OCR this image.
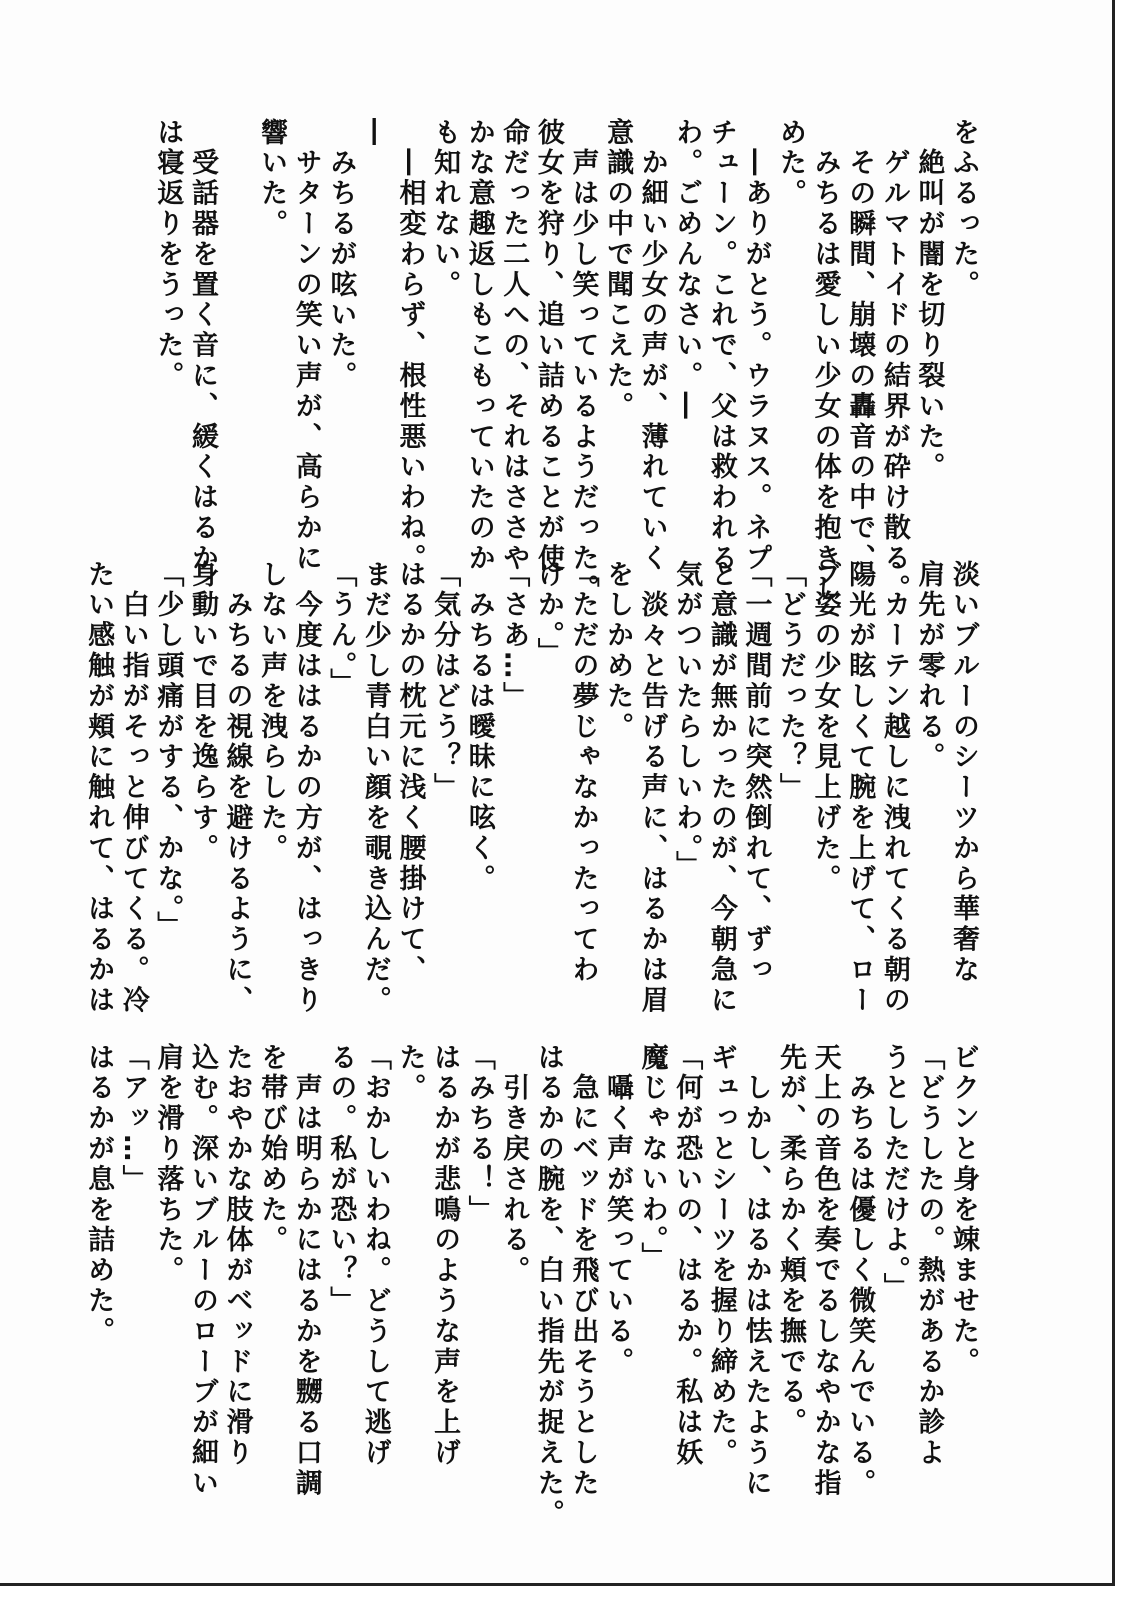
をふるった。
　絶叫が闇を切り裂いた。
　ゲルマトイドの結界が砕け散る。
　その瞬間、崩壊の轟音の中で、
　みちるは愛しい少女の体を抱きし
めた。
　―ありがとう。ウラヌス。ネプ
チューン。これで、父は救われる
わ。ごめんなさい。―
　か細い少女の声が、薄れていく
意識の中で聞こえた。
　声は少し笑っているようだった。
彼女を狩り、追い詰めることが使
命だった二人への、それはささや
かな意趣返しもこもっていたのか
も知れない。
　―相変わらず、根性悪いわね。
―
　みちるが呟いた。
　サターンの笑い声が、高らかに
響いた。

　受話器を置く音に、緩くはるか
は寝返りをうった。
淡いブルーのシーツから華奢な
肩先が零れる。
　カーテン越しに洩れてくる朝の
陽光が眩しくて腕を上げて、ロー
ブ姿の少女を見上げた。
「どうだった？」
「一週間前に突然倒れて、ずっ
と意識が無かったのが、今朝急に
気がついたらしいわ。」
　淡々と告げる声に、はるかは眉
をしかめた。
「ただの夢じゃなかったってわ
けか。」
「さあ…」
　みちるは曖昧に呟く。
「気分はどう？」
はるかの枕元に浅く腰掛けて、
まだ少し青白い顔を覗き込んだ。
「うん。」
　今度ははるかの方が、はっきり
しない声を洩らした。
　みちるの視線を避けるように、
身動いで目を逸らす。
「少し頭痛がする、かな。」
　白い指がそっと伸びてくる。冷
たい感触が頬に触れて、はるかは
ビクンと身を竦ませた。
「どうしたの。熱があるか診よ
うとしただけよ。」
　みちるは優しく微笑んでいる。
天上の音色を奏でるしなやかな指
先が、柔らかく頬を撫でる。
　しかし、はるかは怯えたように
ギュっとシーツを握り締めた。
「何が恐いの、はるか。私は妖
魔じゃないわ。」
　囁く声が笑っている。
　急にベッドを飛び出そうとした
はるかの腕を、白い指先が捉えた。
　引き戻される。
「みちる！」
はるかが悲鳴のような声を上げ
た。
「おかしいわね。どうして逃げ
るの。私が恐い？」
　声は明らかにはるかを嬲る口調
を帯び始めた。
たおやかな肢体がベッドに滑り
込む。深いブルーのローブが細い
肩を滑り落ちた。
「アッ…」
はるかが息を詰めた。
